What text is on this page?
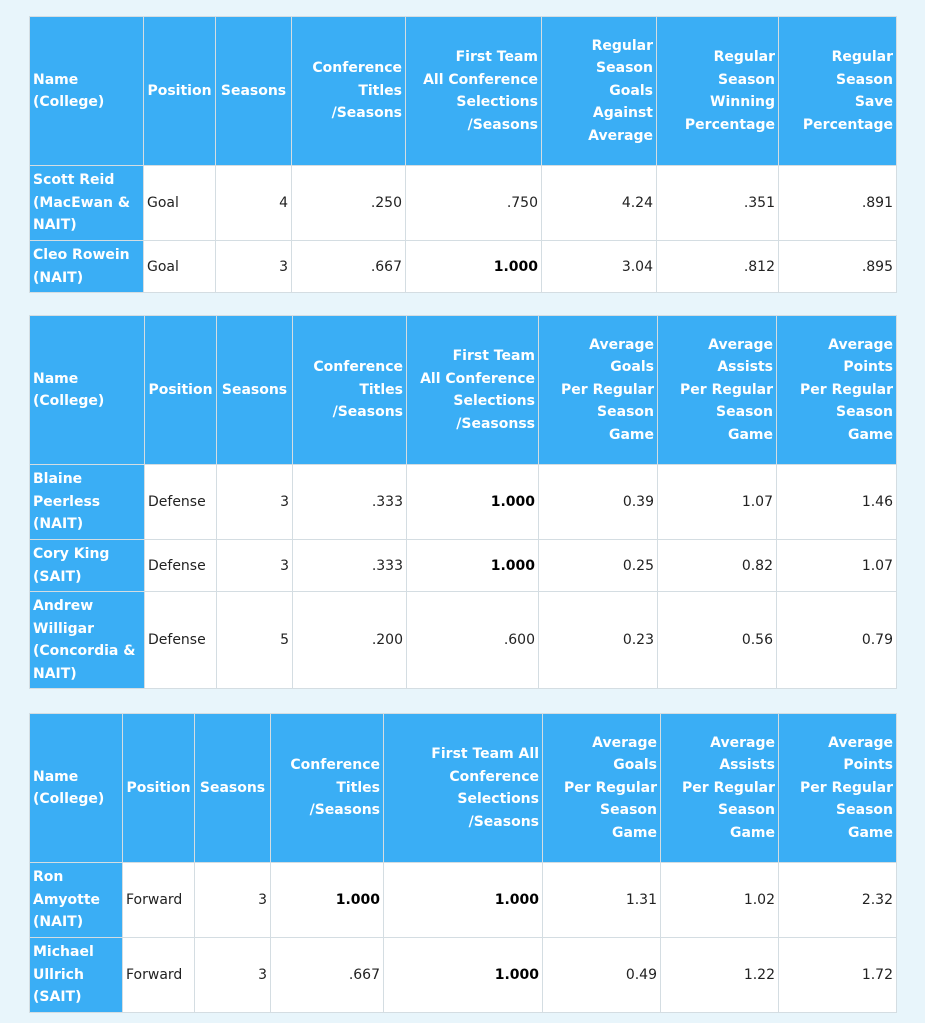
Name
(College)	Position	Seasons	Conference
Titles
/Seasons	First Team
All Conference
Selections
/Seasons	Regular
Season
Goals
Against
Average	Regular
Season
Winning
Percentage	Regular
Season
Save
Percentage
Scott Reid
(MacEwan &
NAIT)	Goal	4	.250	.750	4.24	.351	.891
Cleo Rowein
(NAIT)	Goal	3	.667	1.000	3.04	.812	.895
Name
(College)	Position	Seasons	Conference
Titles
/Seasons	First Team
All Conference
Selections
/Seasonss	Average
Goals
Per Regular
Season
Game	Average
Assists
Per Regular
Season
Game	Average
Points
Per Regular
Season
Game
Blaine
Peerless
(NAIT)	Defense	3	.333	1.000	0.39	1.07	1.46
Cory King
(SAIT)	Defense	3	.333	1.000	0.25	0.82	1.07
Andrew
Willigar
(Concordia &
NAIT)	Defense	5	.200	.600	0.23	0.56	0.79
Name
(College)	Position	Seasons	Conference
Titles
/Seasons	First Team All
Conference
Selections
/Seasons	Average
Goals
Per Regular
Season
Game	Average
Assists
Per Regular
Season
Game	Average
Points
Per Regular
Season
Game
Ron
Amyotte
(NAIT)	Forward	3	1.000	1.000	1.31	1.02	2.32
Michael
Ullrich
(SAIT)	Forward	3	.667	1.000	0.49	1.22	1.72
